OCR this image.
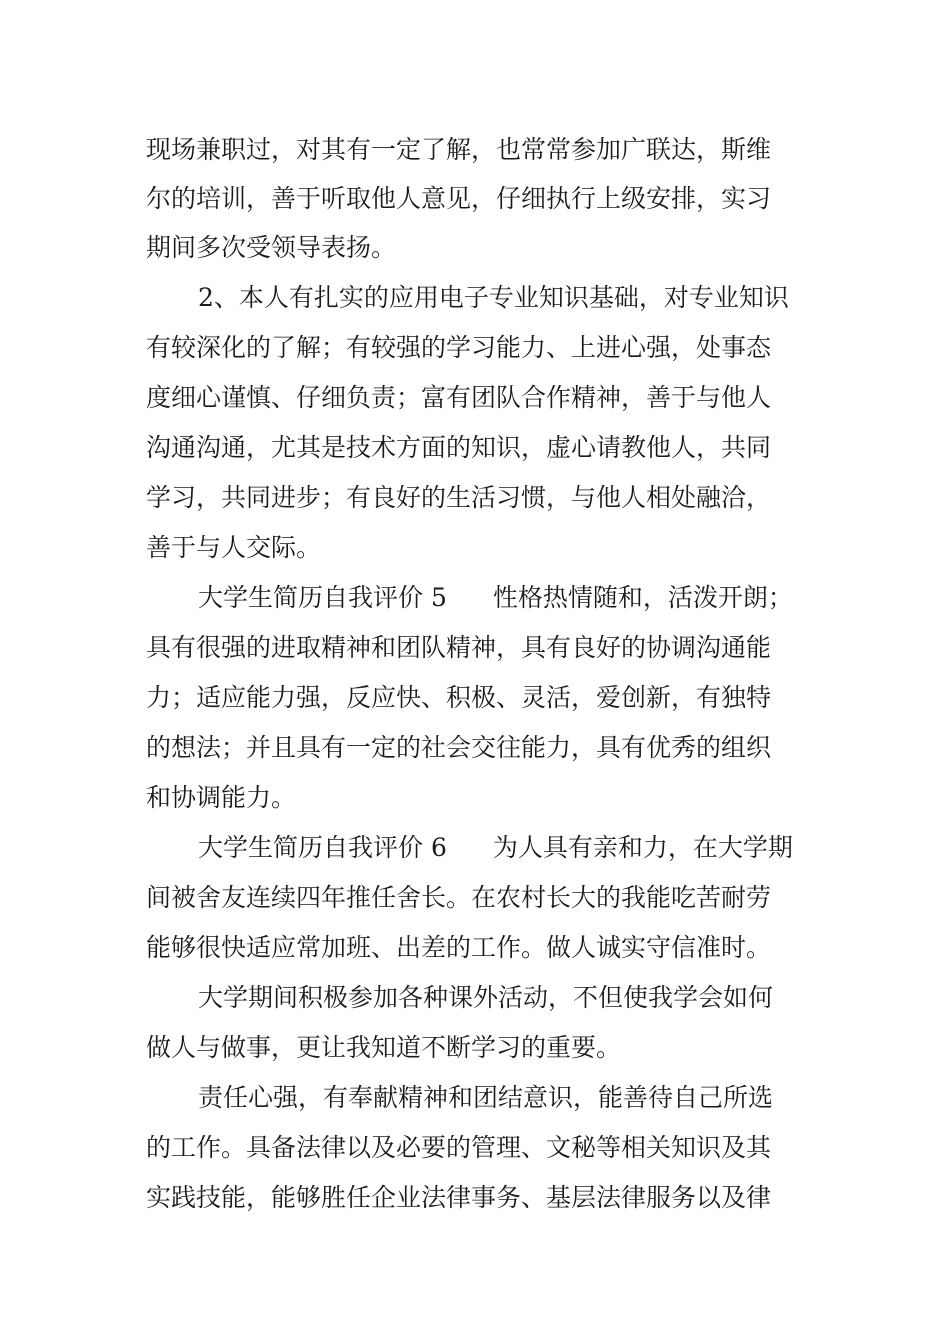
现场兼职过，对其有一定了解，也常常参加广联达，斯维
尔的培训，善于听取他人意见，仔细执行上级安排，实习
期间多次受领导表扬。
2、本人有扎实的应用电子专业知识基础，对专业知识
有较深化的了解；有较强的学习能力、上进心强，处事态
度细心谨慎、仔细负责；富有团队合作精神，善于与他人
沟通沟通，尤其是技术方面的知识，虚心请教他人，共同
学习，共同进步；有良好的生活习惯，与他人相处融洽，
善于与人交际。
大学生简历自我评价 5 性格热情随和，活泼开朗；
具有很强的进取精神和团队精神，具有良好的协调沟通能
力；适应能力强，反应快、积极、灵活，爱创新，有独特
的想法；并且具有一定的社会交往能力，具有优秀的组织
和协调能力。
大学生简历自我评价 6 为人具有亲和力，在大学期
间被舍友连续四年推任舍长。在农村长大的我能吃苦耐劳
能够很快适应常加班、出差的工作。做人诚实守信准时。
大学期间积极参加各种课外活动，不但使我学会如何
做人与做事，更让我知道不断学习的重要。
责任心强，有奉献精神和团结意识，能善待自己所选
的工作。具备法律以及必要的管理、文秘等相关知识及其
实践技能，能够胜任企业法律事务、基层法律服务以及律
